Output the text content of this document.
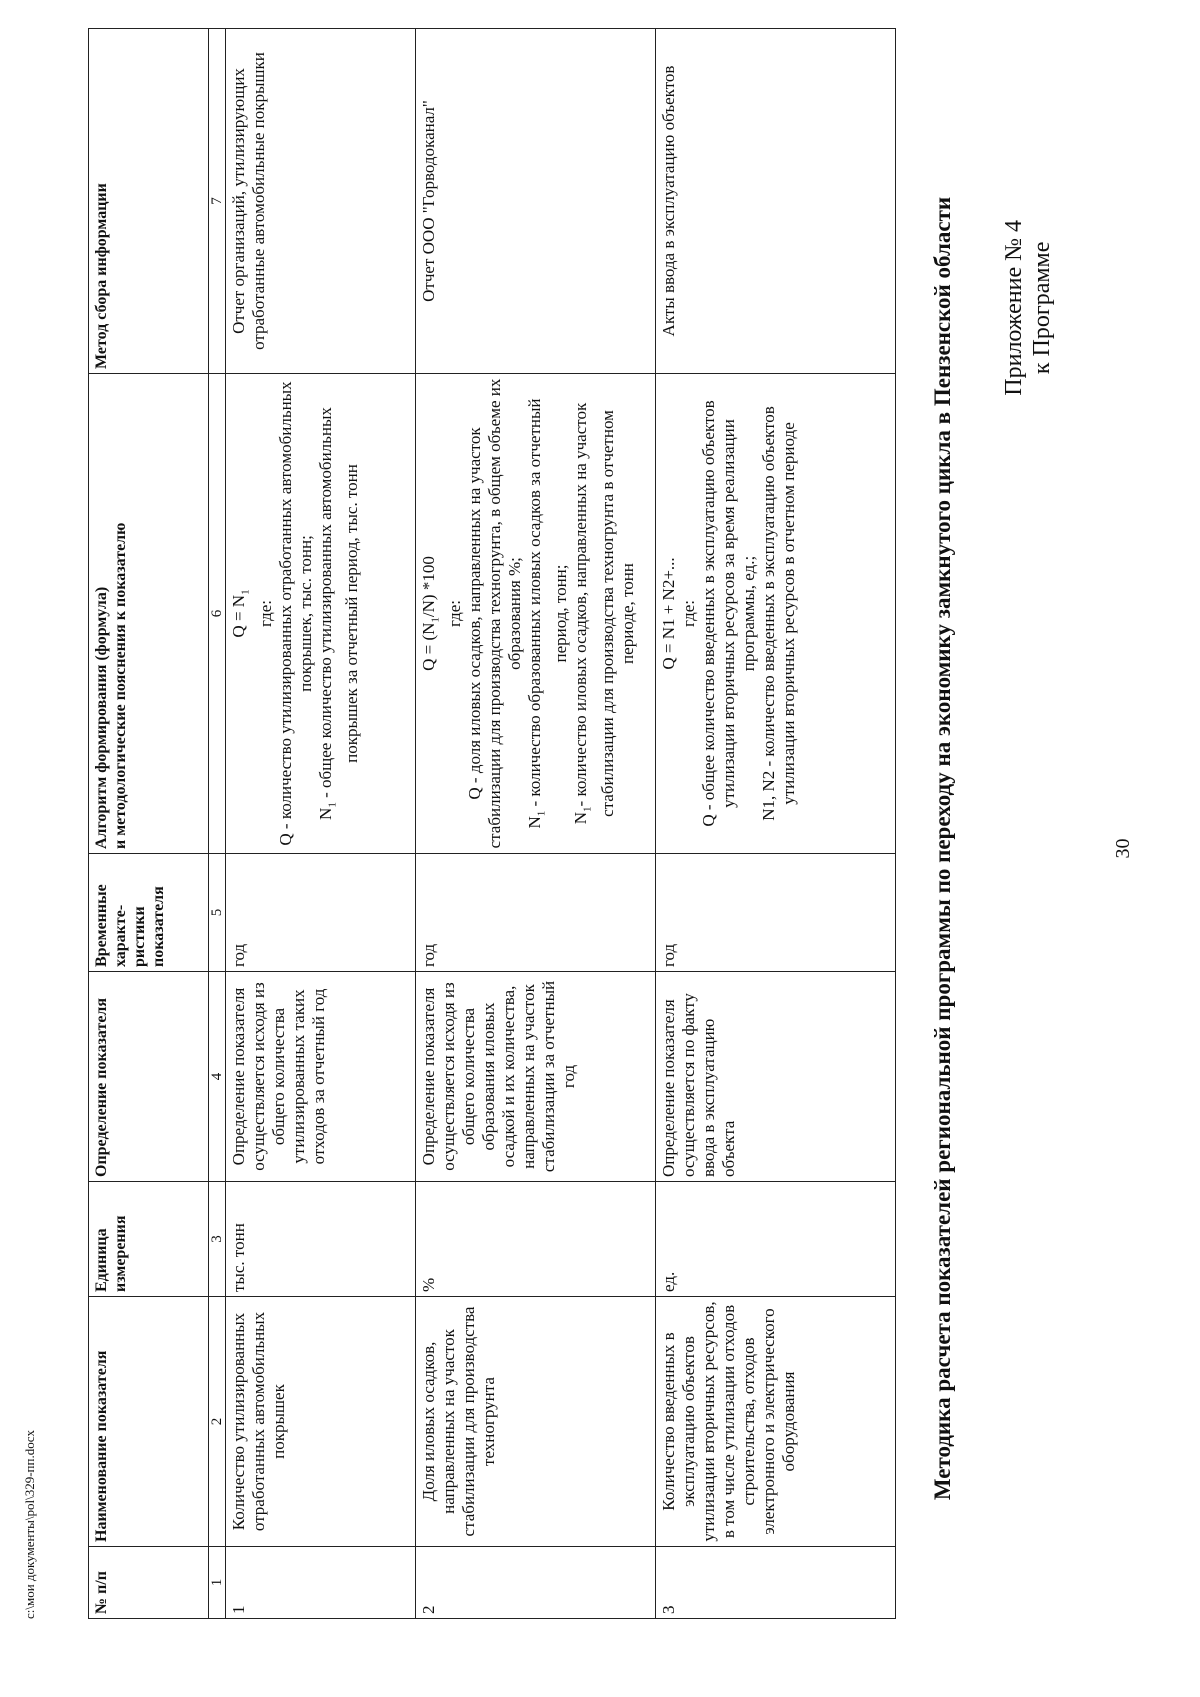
30
Приложение № 4 к Программе
Методика расчета показателей региональной программы по переходу на экономику замкнутого цикла в Пензенской области
№ п/п	Наименование показателя	Единица измерения	Определение показателя	Временные характе-ристики показателя	Алгоритм формирования (формула) и методологические пояснения к показателю	Метод сбора информации
1	2	3	4	5	6	7
1	Количество утилизированных отработанных автомобильных покрышек	тыс. тонн	Определение показателя осуществляется исходя из общего количества утилизированных таких отходов за отчетный год	год	$Q = N_1$
где: Q - количество утилизированных отработанных автомобильных покрышек, тыс. тонн;
$N_1$ - общее количество утилизированных автомобильных покрышек за отчетный период, тыс. тонн	Отчет организаций, утилизирующих отработанные автомобильные покрышки
2	Доля иловых осадков, направленных на участок стабилизации для производства техногрунта	%	Определение показателя осуществляется исходя из общего количества образования иловых осадкой и их количества, направленных на участок стабилизации за отчетный год	год	$Q = (N_1/N)$ *100 где: Q - доля иловых осадков, направленных на участок стабилизации для производства техногрунта, в общем объеме их образования %;
$N_1$ - количество образованных иловых осадков за отчетный период, тонн;
$N_1-$ количество иловых осадков, направленных на участок стабилизации для производства техногрунта в отчетном периоде, тонн	Отчет ООО "Горводоканал"
3	Количество введенных в эксплуатацию объектов утилизации вторичных ресурсов, в том числе утилизации отходов строительства, отходов электронного и электрического оборудования	ед.	Определение показателя осуществляется по факту ввода в эксплуатацию объекта	год	Q = N1 + N2+... где: Q - общее количество введенных в эксплуатацию объектов утилизации вторичных ресурсов за время реализации программы, ед.; N1, N2 - количество введенных в эксплуатацию объектов утилизации вторичных ресурсов в отчетном периоде	Акты ввода в эксплуатацию объектов
c:\мои документы\pol\329-пп.docx
